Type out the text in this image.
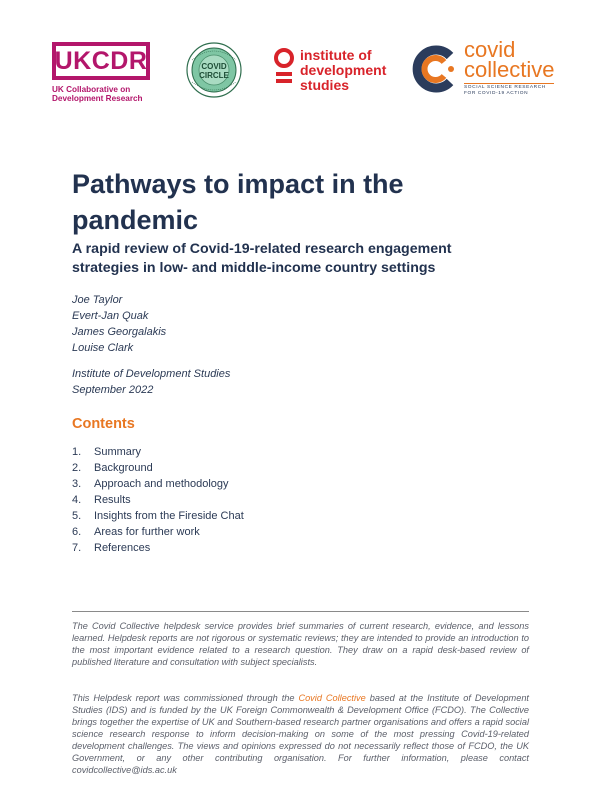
UKCDR
UK Collaborative on
Development Research
COVID
CIRCLE
institute of
development
studies
covid
collective
SOCIAL SCIENCE RESEARCH
FOR COVID-19 ACTION
Pathways to impact in the
pandemic
A rapid review of Covid-19-related research engagement
strategies in low- and middle-income country settings
Joe Taylor
Evert-Jan Quak
James Georgalakis
Louise Clark
Institute of Development Studies
September 2022
Contents
1.	Summary
2.	Background
3.	Approach and methodology
4.	Results
5.	Insights from the Fireside Chat
6.	Areas for further work
7.	References

The Covid Collective helpdesk service provides brief summaries of current research, evidence, and lessons learned. Helpdesk reports are not rigorous or systematic reviews; they are intended to provide an introduction to the most important evidence related to a research question. They draw on a rapid desk-based review of published literature and consultation with subject specialists.

This Helpdesk report was commissioned through the Covid Collective based at the Institute of Development Studies (IDS) and is funded by the UK Foreign Commonwealth & Development Office (FCDO). The Collective brings together the expertise of UK and Southern-based research partner organisations and offers a rapid social science research response to inform decision-making on some of the most pressing Covid-19-related development challenges. The views and opinions expressed do not necessarily reflect those of FCDO, the UK Government, or any other contributing organisation. For further information, please contact covidcollective@ids.ac.uk
